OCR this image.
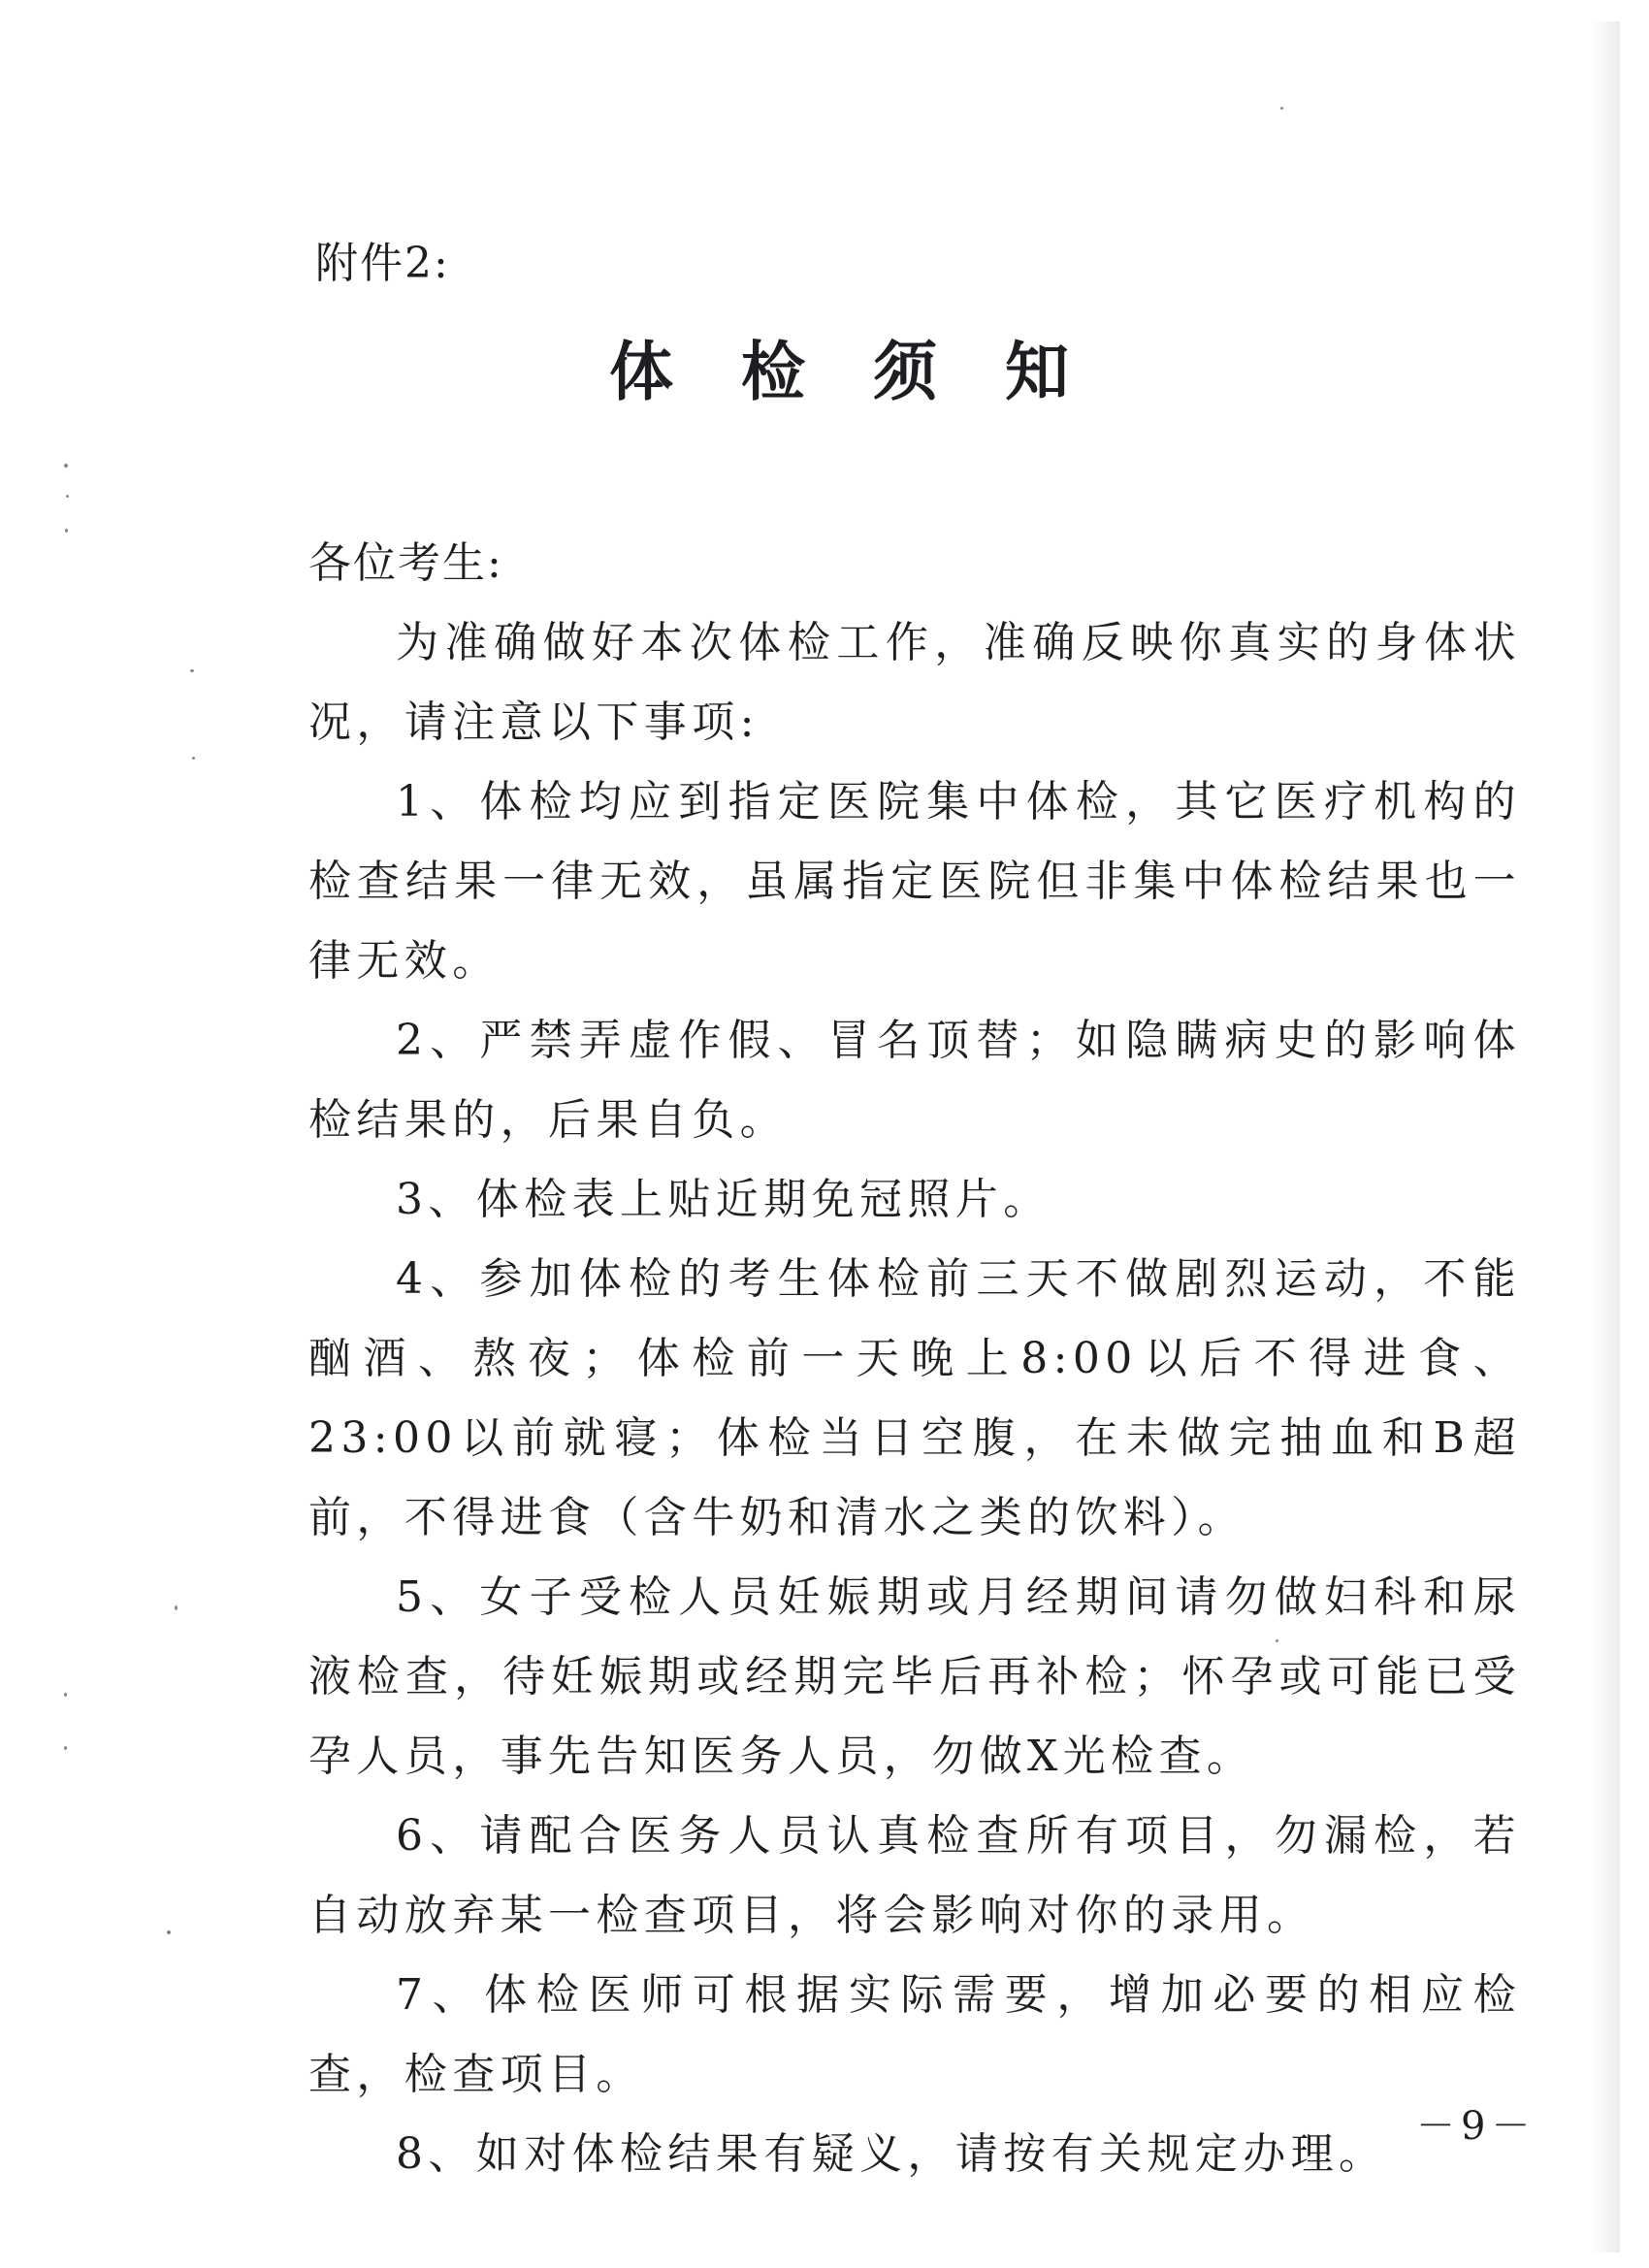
附件2:
体检须知

各位考生:

为准确做好本次体检工作，准确反映你真实的身体状况，请注意以下事项:

1、体检均应到指定医院集中体检，其它医疗机构的检查结果一律无效，虽属指定医院但非集中体检结果也一律无效。

2、严禁弄虚作假、冒名顶替；如隐瞒病史的影响体检结果的，后果自负。

3、体检表上贴近期免冠照片。

4、参加体检的考生体检前三天不做剧烈运动，不能酗酒、熬夜；体检前一天晚上8:00以后不得进食、23:00以前就寝；体检当日空腹，在未做完抽血和B超前，不得进食（含牛奶和清水之类的饮料）。

5、女子受检人员妊娠期或月经期间请勿做妇科和尿液检查，待妊娠期或经期完毕后再补检；怀孕或可能已受孕人员，事先告知医务人员，勿做X光检查。

6、请配合医务人员认真检查所有项目，勿漏检，若自动放弃某一检查项目，将会影响对你的录用。

7、体检医师可根据实际需要，增加必要的相应检查，检查项目。

8、如对体检结果有疑义，请按有关规定办理。

－9－
